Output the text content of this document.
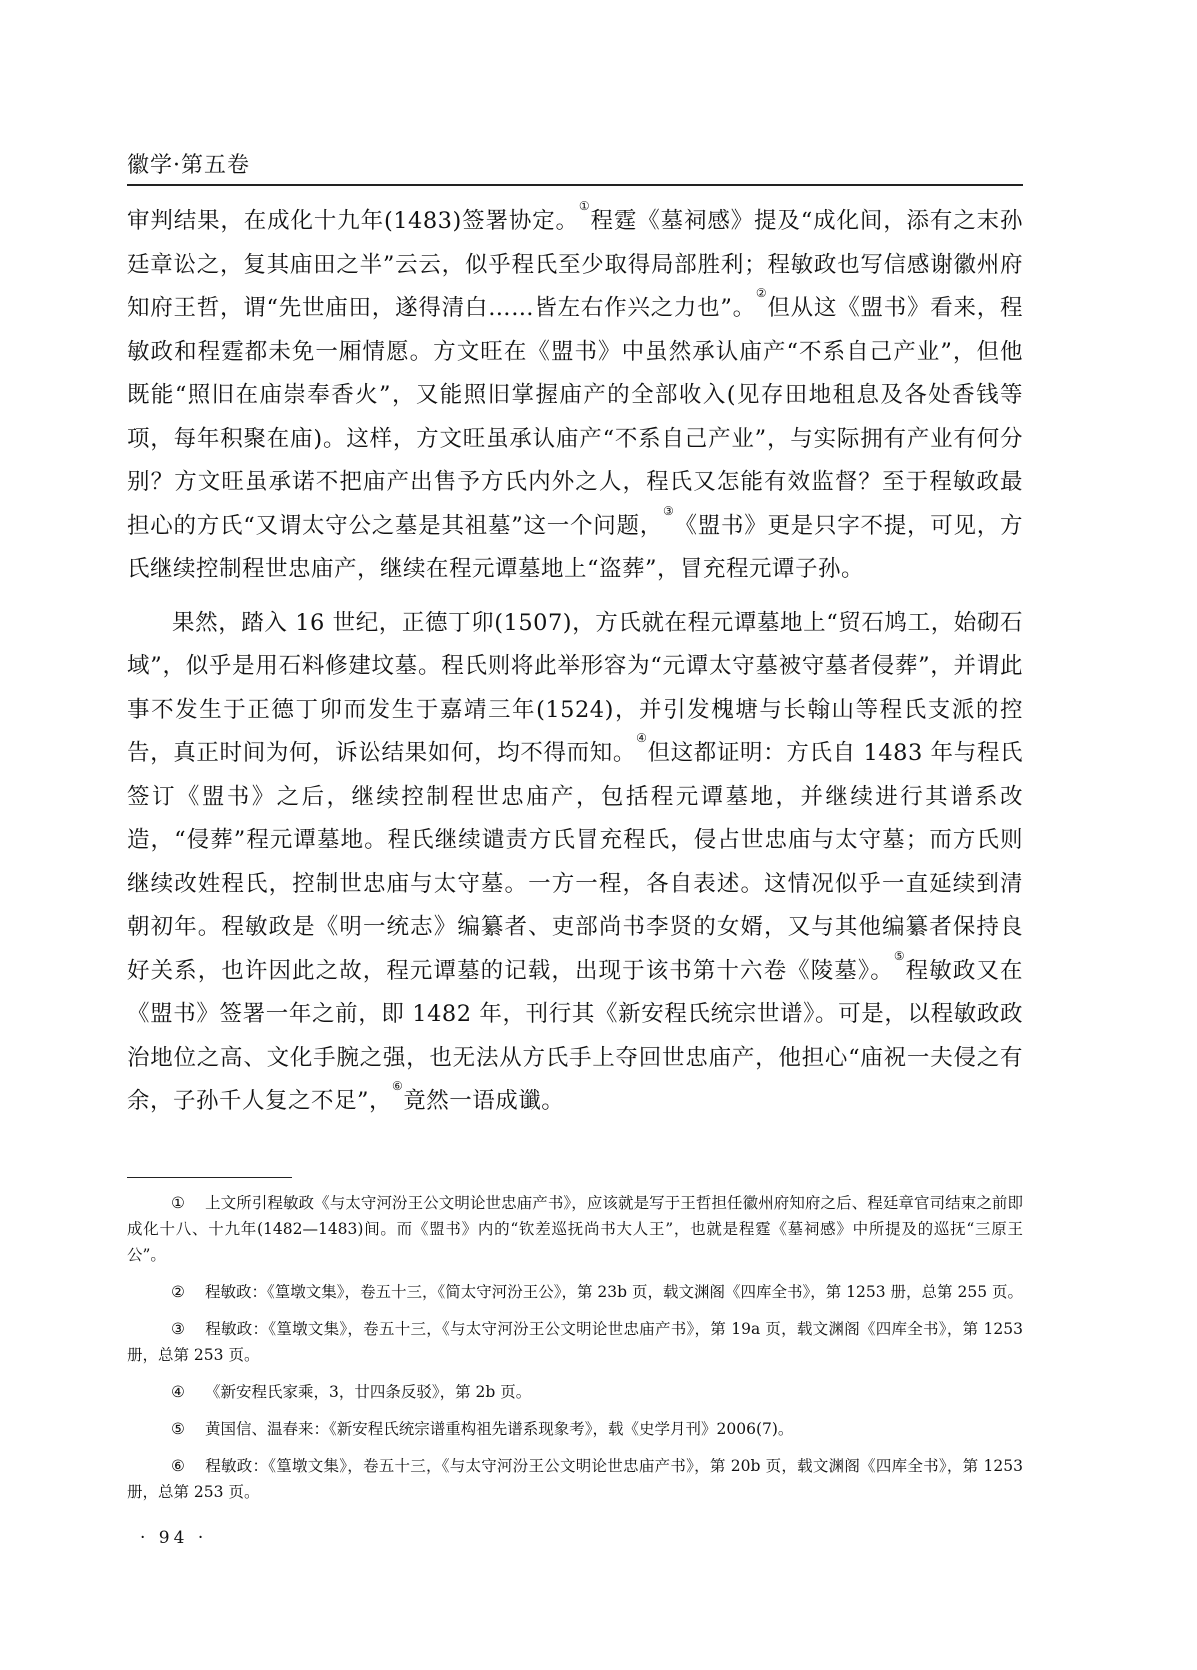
徽学·第五卷

审判结果，在成化十九年(1483)签署协定。①程霆《墓祠感》提及“成化间，添有之末孙廷章讼之，复其庙田之半”云云，似乎程氏至少取得局部胜利；程敏政也写信感谢徽州府知府王哲，谓“先世庙田，遂得清白……皆左右作兴之力也”。②但从这《盟书》看来，程敏政和程霆都未免一厢情愿。方文旺在《盟书》中虽然承认庙产“不系自己产业”，但他既能“照旧在庙崇奉香火”，又能照旧掌握庙产的全部收入(见存田地租息及各处香钱等项，每年积聚在庙)。这样，方文旺虽承认庙产“不系自己产业”，与实际拥有产业有何分别？方文旺虽承诺不把庙产出售予方氏内外之人，程氏又怎能有效监督？至于程敏政最担心的方氏“又谓太守公之墓是其祖墓”这一个问题，③《盟书》更是只字不提，可见，方氏继续控制程世忠庙产，继续在程元谭墓地上“盗葬”，冒充程元谭子孙。

果然，踏入 16 世纪，正德丁卯(1507)，方氏就在程元谭墓地上“贸石鸠工，始砌石域”，似乎是用石料修建坟墓。程氏则将此举形容为“元谭太守墓被守墓者侵葬”，并谓此事不发生于正德丁卯而发生于嘉靖三年(1524)，并引发槐塘与长翰山等程氏支派的控告，真正时间为何，诉讼结果如何，均不得而知。④但这都证明：方氏自 1483 年与程氏签订《盟书》之后，继续控制程世忠庙产，包括程元谭墓地，并继续进行其谱系改造，“侵葬”程元谭墓地。程氏继续谴责方氏冒充程氏，侵占世忠庙与太守墓；而方氏则继续改姓程氏，控制世忠庙与太守墓。一方一程，各自表述。这情况似乎一直延续到清朝初年。程敏政是《明一统志》编纂者、吏部尚书李贤的女婿，又与其他编纂者保持良好关系，也许因此之故，程元谭墓的记载，出现于该书第十六卷《陵墓》。⑤程敏政又在《盟书》签署一年之前，即 1482 年，刊行其《新安程氏统宗世谱》。可是，以程敏政政治地位之高、文化手腕之强，也无法从方氏手上夺回世忠庙产，他担心“庙祝一夫侵之有余，子孙千人复之不足”，⑥竟然一语成谶。

① 上文所引程敏政《与太守河汾王公文明论世忠庙产书》，应该就是写于王哲担任徽州府知府之后、程廷章官司结束之前即成化十八、十九年(1482—1483)间。而《盟书》内的“钦差巡抚尚书大人王”，也就是程霆《墓祠感》中所提及的巡抚“三原王公”。

② 程敏政：《篁墩文集》，卷五十三，《简太守河汾王公》，第 23b 页，载文渊阁《四库全书》，第 1253 册，总第 255 页。

③ 程敏政：《篁墩文集》，卷五十三，《与太守河汾王公文明论世忠庙产书》，第 19a 页，载文渊阁《四库全书》，第 1253 册，总第 253 页。

④ 《新安程氏家乘，3，廿四条反驳》，第 2b 页。

⑤ 黄国信、温春来：《新安程氏统宗谱重构祖先谱系现象考》，载《史学月刊》2006(7)。

⑥ 程敏政：《篁墩文集》，卷五十三，《与太守河汾王公文明论世忠庙产书》，第 20b 页，载文渊阁《四库全书》，第 1253 册，总第 253 页。

· 94 ·
